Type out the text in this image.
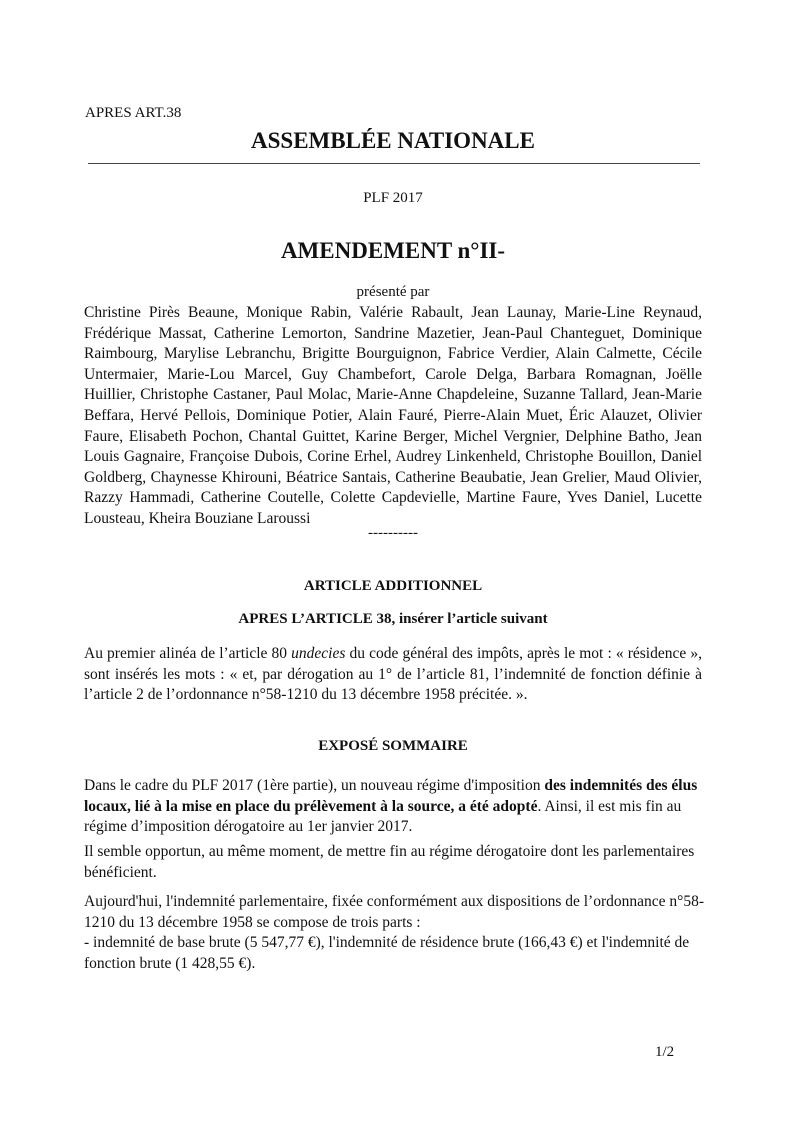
APRES ART.38
ASSEMBLÉE NATIONALE
PLF 2017
AMENDEMENT n°II-
présenté par
Christine Pirès Beaune, Monique Rabin, Valérie Rabault, Jean Launay, Marie-Line Reynaud, Frédérique Massat, Catherine Lemorton, Sandrine Mazetier, Jean-Paul Chanteguet, Dominique Raimbourg, Marylise Lebranchu, Brigitte Bourguignon, Fabrice Verdier, Alain Calmette, Cécile Untermaier, Marie-Lou Marcel, Guy Chambefort, Carole Delga, Barbara Romagnan, Joëlle Huillier, Christophe Castaner, Paul Molac, Marie-Anne Chapdeleine, Suzanne Tallard, Jean-Marie Beffara, Hervé Pellois, Dominique Potier, Alain Fauré, Pierre-Alain Muet, Éric Alauzet, Olivier Faure, Elisabeth Pochon, Chantal Guittet, Karine Berger, Michel Vergnier, Delphine Batho, Jean Louis Gagnaire, Françoise Dubois, Corine Erhel, Audrey Linkenheld, Christophe Bouillon, Daniel Goldberg, Chaynesse Khirouni, Béatrice Santais, Catherine Beaubatie, Jean Grelier, Maud Olivier, Razzy Hammadi, Catherine Coutelle, Colette Capdevielle, Martine Faure, Yves Daniel, Lucette Lousteau, Kheira Bouziane Laroussi
----------
ARTICLE ADDITIONNEL
APRES L’ARTICLE 38, insérer l’article suivant
Au premier alinéa de l’article 80 undecies du code général des impôts, après le mot : « résidence », sont insérés les mots : « et, par dérogation au 1° de l’article 81, l’indemnité de fonction définie à l’article 2 de l’ordonnance n°58-1210 du 13 décembre 1958 précitée. ».
EXPOSÉ SOMMAIRE
Dans le cadre du PLF 2017 (1ère partie), un nouveau régime d'imposition des indemnités des élus locaux, lié à la mise en place du prélèvement à la source, a été adopté. Ainsi, il est mis fin au régime d’imposition dérogatoire au 1er janvier 2017.
Il semble opportun, au même moment, de mettre fin au régime dérogatoire dont les parlementaires bénéficient.
Aujourd'hui, l'indemnité parlementaire, fixée conformément aux dispositions de l’ordonnance n°58-1210 du 13 décembre 1958 se compose de trois parts :
- indemnité de base brute (5 547,77 €), l'indemnité de résidence brute (166,43 €) et l'indemnité de fonction brute (1 428,55 €).
1/2
